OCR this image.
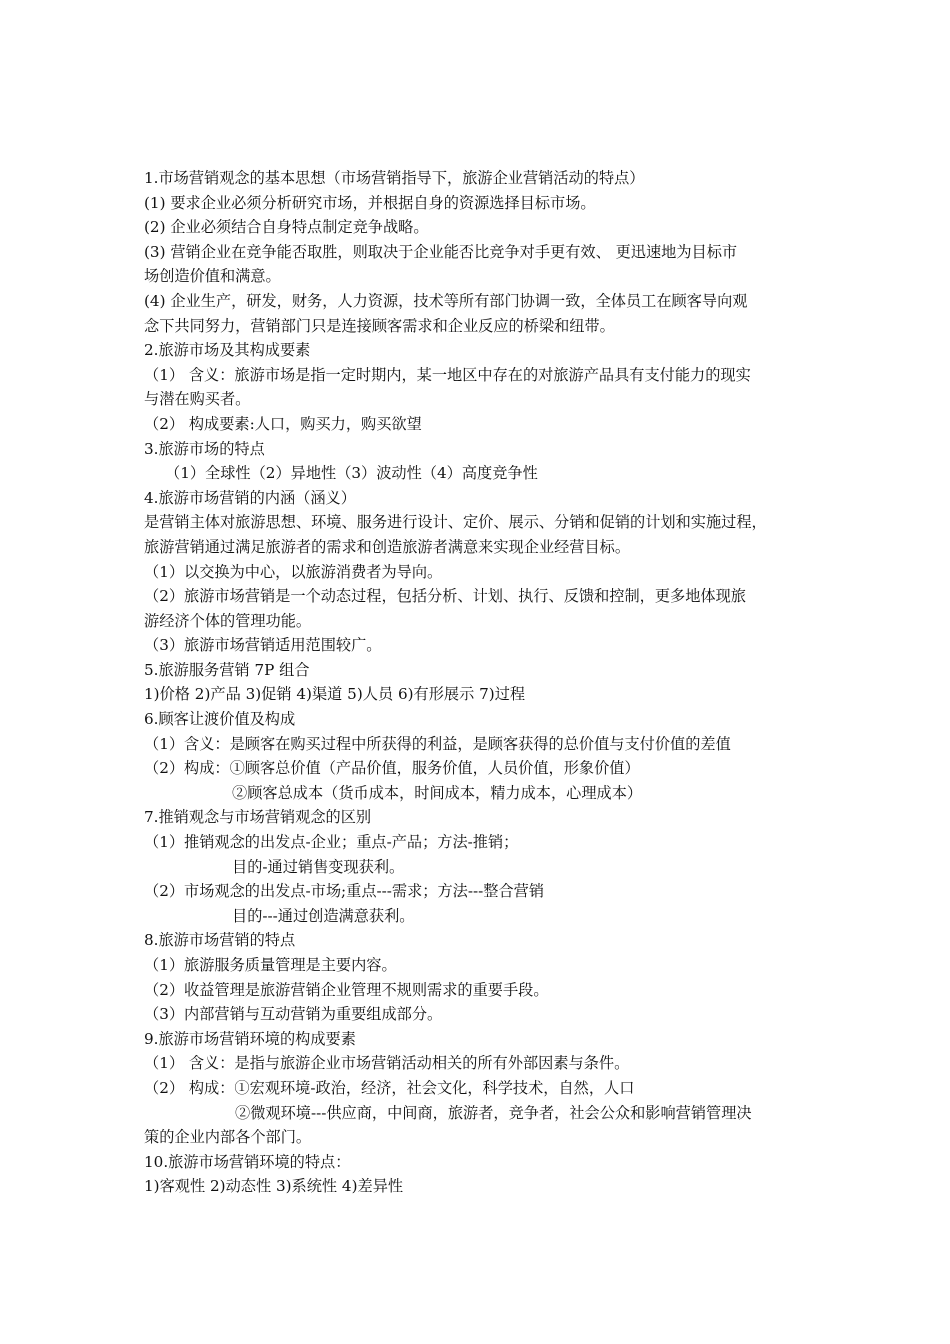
1.市场营销观念的基本思想（市场营销指导下，旅游企业营销活动的特点）
(1) 要求企业必须分析研究市场，并根据自身的资源选择目标市场。
(2) 企业必须结合自身特点制定竞争战略。
(3) 营销企业在竞争能否取胜，则取决于企业能否比竞争对手更有效、 更迅速地为目标市
场创造价值和满意。
(4) 企业生产，研发，财务，人力资源，技术等所有部门协调一致，全体员工在顾客导向观
念下共同努力，营销部门只是连接顾客需求和企业反应的桥梁和纽带。
2.旅游市场及其构成要素
（1） 含义：旅游市场是指一定时期内，某一地区中存在的对旅游产品具有支付能力的现实
与潜在购买者。
（2） 构成要素:人口，购买力，购买欲望
3.旅游市场的特点
（1）全球性（2）异地性（3）波动性（4）高度竞争性
4.旅游市场营销的内涵（涵义）
是营销主体对旅游思想、环境、服务进行设计、定价、展示、分销和促销的计划和实施过程，
旅游营销通过满足旅游者的需求和创造旅游者满意来实现企业经营目标。
（1）以交换为中心，以旅游消费者为导向。
（2）旅游市场营销是一个动态过程，包括分析、计划、执行、反馈和控制，更多地体现旅
游经济个体的管理功能。
（3）旅游市场营销适用范围较广。
5.旅游服务营销 7P 组合
1)价格 2)产品 3)促销 4)渠道 5)人员 6)有形展示 7)过程
6.顾客让渡价值及构成
（1）含义：是顾客在购买过程中所获得的利益，是顾客获得的总价值与支付价值的差值
（2）构成：①顾客总价值（产品价值，服务价值，人员价值，形象价值）
②顾客总成本（货币成本，时间成本，精力成本，心理成本）
7.推销观念与市场营销观念的区别
（1）推销观念的出发点-企业；重点-产品；方法-推销；
目的-通过销售变现获利。
（2）市场观念的出发点-市场;重点---需求；方法---整合营销
目的---通过创造满意获利。
8.旅游市场营销的特点
（1）旅游服务质量管理是主要内容。
（2）收益管理是旅游营销企业管理不规则需求的重要手段。
（3）内部营销与互动营销为重要组成部分。
9.旅游市场营销环境的构成要素
（1） 含义：是指与旅游企业市场营销活动相关的所有外部因素与条件。
（2） 构成：①宏观环境-政治，经济，社会文化，科学技术，自然，人口
②微观环境---供应商，中间商，旅游者，竞争者，社会公众和影响营销管理决
策的企业内部各个部门。
10.旅游市场营销环境的特点：
1)客观性 2)动态性 3)系统性 4)差异性
